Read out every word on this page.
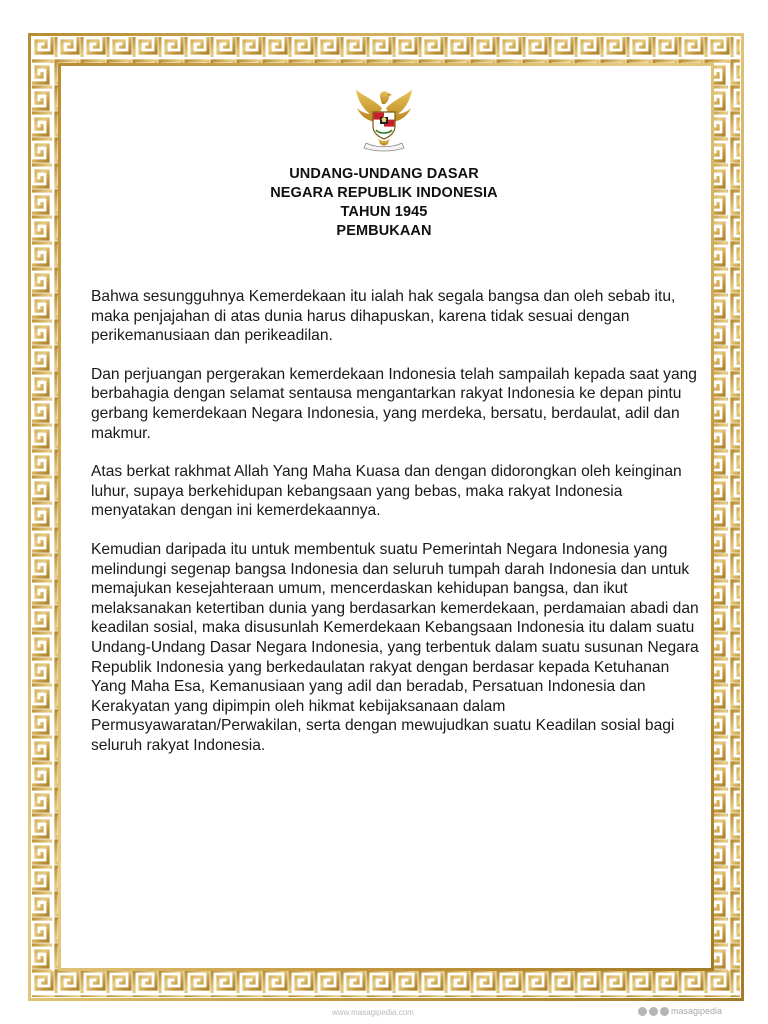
UNDANG-UNDANG DASAR
NEGARA REPUBLIK INDONESIA
TAHUN 1945
PEMBUKAAN

Bahwa sesungguhnya Kemerdekaan itu ialah hak segala bangsa dan oleh sebab itu, maka penjajahan di atas dunia harus dihapuskan, karena tidak sesuai dengan perikemanusiaan dan perikeadilan.

Dan perjuangan pergerakan kemerdekaan Indonesia telah sampailah kepada saat yang berbahagia dengan selamat sentausa mengantarkan rakyat Indonesia ke depan pintu gerbang kemerdekaan Negara Indonesia, yang merdeka, bersatu, berdaulat, adil dan makmur.

Atas berkat rakhmat Allah Yang Maha Kuasa dan dengan didorongkan oleh keinginan luhur, supaya berkehidupan kebangsaan yang bebas, maka rakyat Indonesia menyatakan dengan ini kemerdekaannya.

Kemudian daripada itu untuk membentuk suatu Pemerintah Negara Indonesia yang melindungi segenap bangsa Indonesia dan seluruh tumpah darah Indonesia dan untuk memajukan kesejahteraan umum, mencerdaskan kehidupan bangsa, dan ikut melaksanakan ketertiban dunia yang berdasarkan kemerdekaan, perdamaian abadi dan keadilan sosial, maka disusunlah Kemerdekaan Kebangsaan Indonesia itu dalam suatu Undang-Undang Dasar Negara Indonesia, yang terbentuk dalam suatu susunan Negara Republik Indonesia yang berkedaulatan rakyat dengan berdasar kepada Ketuhanan Yang Maha Esa, Kemanusiaan yang adil dan beradab, Persatuan Indonesia dan Kerakyatan yang dipimpin oleh hikmat kebijaksanaan dalam Permusyawaratan/Perwakilan, serta dengan mewujudkan suatu Keadilan sosial bagi seluruh rakyat Indonesia.

www.masagipedia.com	masagipedia
